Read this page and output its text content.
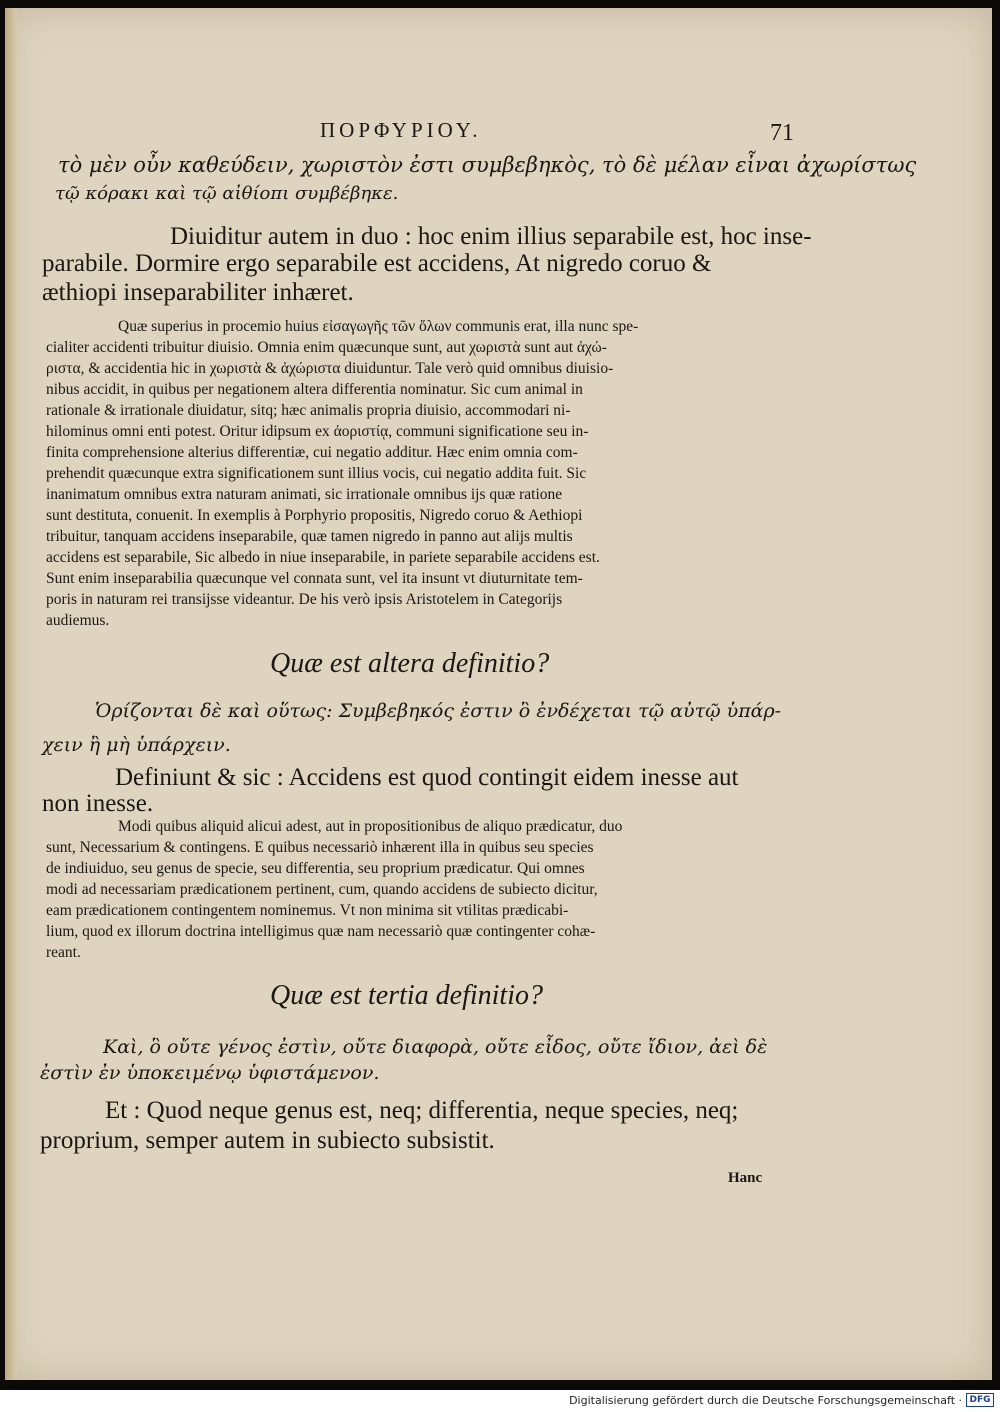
ΠΟΡΦΥΡΙΟΥ.	71
τὸ μὲν οὖν καθεύδειν, χωριστὸν ἐστι συμβεβηκὸς, τὸ δὲ μέλαν εἶναι ἀχωρίστως
τῷ κόρακι καὶ τῷ αἰθίοπι συμβέβηκε.
Diuiditur autem in duo : hoc enim illius separabile est, hoc inse-
parabile. Dormire ergo separabile est accidens, At nigredo coruo &
æthiopi inseparabiliter inhæret.
Quæ superius in procemio huius εἰσαγωγῆς τῶν ὅλων communis erat, illa nunc spe-
cialiter accidenti tribuitur diuisio. Omnia enim quæcunque sunt, aut χωριστὰ sunt aut ἀχώ-
ριστα, & accidentia hic in χωριστὰ & ἀχώριστα diuiduntur. Tale verò quid omnibus diuisio-
nibus accidit, in quibus per negationem altera differentia nominatur. Sic cum animal in
rationale & irrationale diuidatur, sitq; hæc animalis propria diuisio, accommodari ni-
hilominus omni enti potest. Oritur idipsum ex ἀοριστίᾳ, communi significatione seu in-
finita comprehensione alterius differentiæ, cui negatio additur. Hæc enim omnia com-
prehendit quæcunque extra significationem sunt illius vocis, cui negatio addita fuit. Sic
inanimatum omnibus extra naturam animati, sic irrationale omnibus ijs quæ ratione
sunt destituta, conuenit. In exemplis à Porphyrio propositis, Nigredo coruo & Aethiopi
tribuitur, tanquam accidens inseparabile, quæ tamen nigredo in panno aut alijs multis
accidens est separabile, Sic albedo in niue inseparabile, in pariete separabile accidens est.
Sunt enim inseparabilia quæcunque vel connata sunt, vel ita insunt vt diuturnitate tem-
poris in naturam rei transijsse videantur. De his verò ipsis Aristotelem in Categorijs
audiemus.
Quæ est altera definitio?
Ὁρίζονται δὲ καὶ οὕτως: Συμβεβηκός ἐστιν ὃ ἐνδέχεται τῷ αὐτῷ ὑπάρ-
χειν ἢ μὴ ὑπάρχειν.
Definiunt & sic : Accidens est quod contingit eidem inesse aut
non inesse.
Modi quibus aliquid alicui adest, aut in propositionibus de aliquo prædicatur, duo
sunt, Necessarium & contingens. E quibus necessariò inhærent illa in quibus seu species
de indiuiduo, seu genus de specie, seu differentia, seu proprium prædicatur. Qui omnes
modi ad necessariam prædicationem pertinent, cum, quando accidens de subiecto dicitur,
eam prædicationem contingentem nominemus. Vt non minima sit vtilitas prædicabi-
lium, quod ex illorum doctrina intelligimus quæ nam necessariò quæ contingenter cohæ-
reant.
Quæ est tertia definitio?
Καὶ, ὃ οὔτε γένος ἐστὶν, οὔτε διαφορὰ, οὔτε εἶδος, οὔτε ἴδιον, ἀεὶ δὲ
ἐστὶν ἐν ὑποκειμένῳ ὑφιστάμενον.
Et : Quod neque genus est, neq; differentia, neque species, neq;
proprium, semper autem in subiecto subsistit.
Hanc
Digitalisierung gefördert durch die Deutsche Forschungsgemeinschaft · DFG
